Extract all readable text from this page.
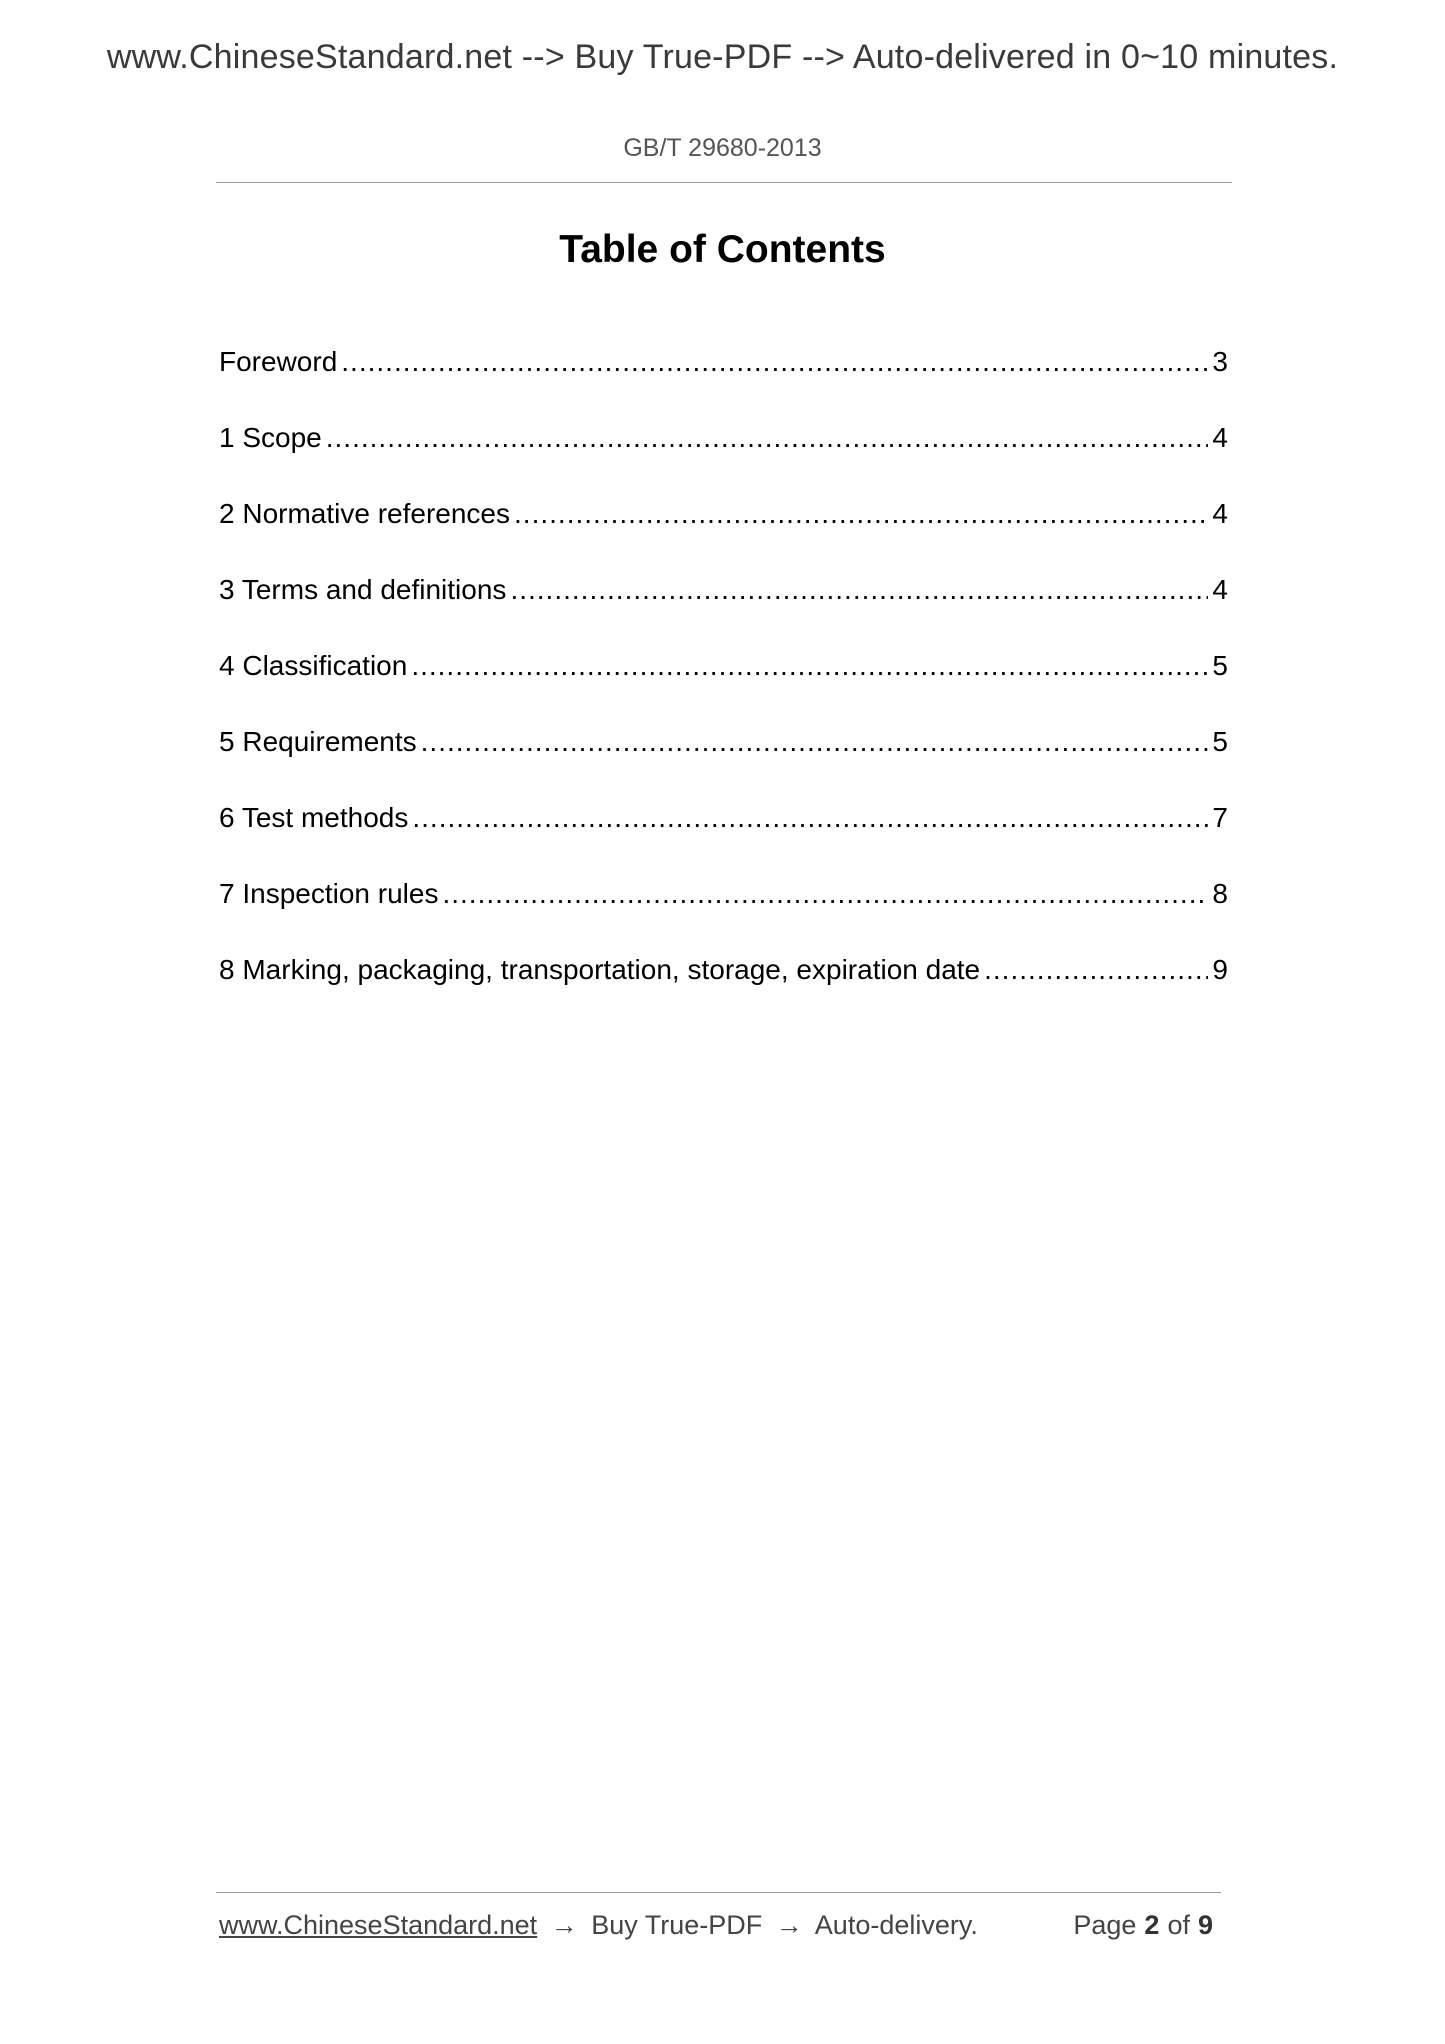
www.ChineseStandard.net --> Buy True-PDF --> Auto-delivered in 0~10 minutes.
GB/T 29680-2013
Table of Contents
Foreword .....	3
1 Scope .....	4
2 Normative references .....	4
3 Terms and definitions .....	4
4 Classification .....	5
5 Requirements .....	5
6 Test methods .....	7
7 Inspection rules .....	8
8 Marking, packaging, transportation, storage, expiration date .....	9
www.ChineseStandard.net → Buy True-PDF → Auto-delivery.	Page 2 of 9
